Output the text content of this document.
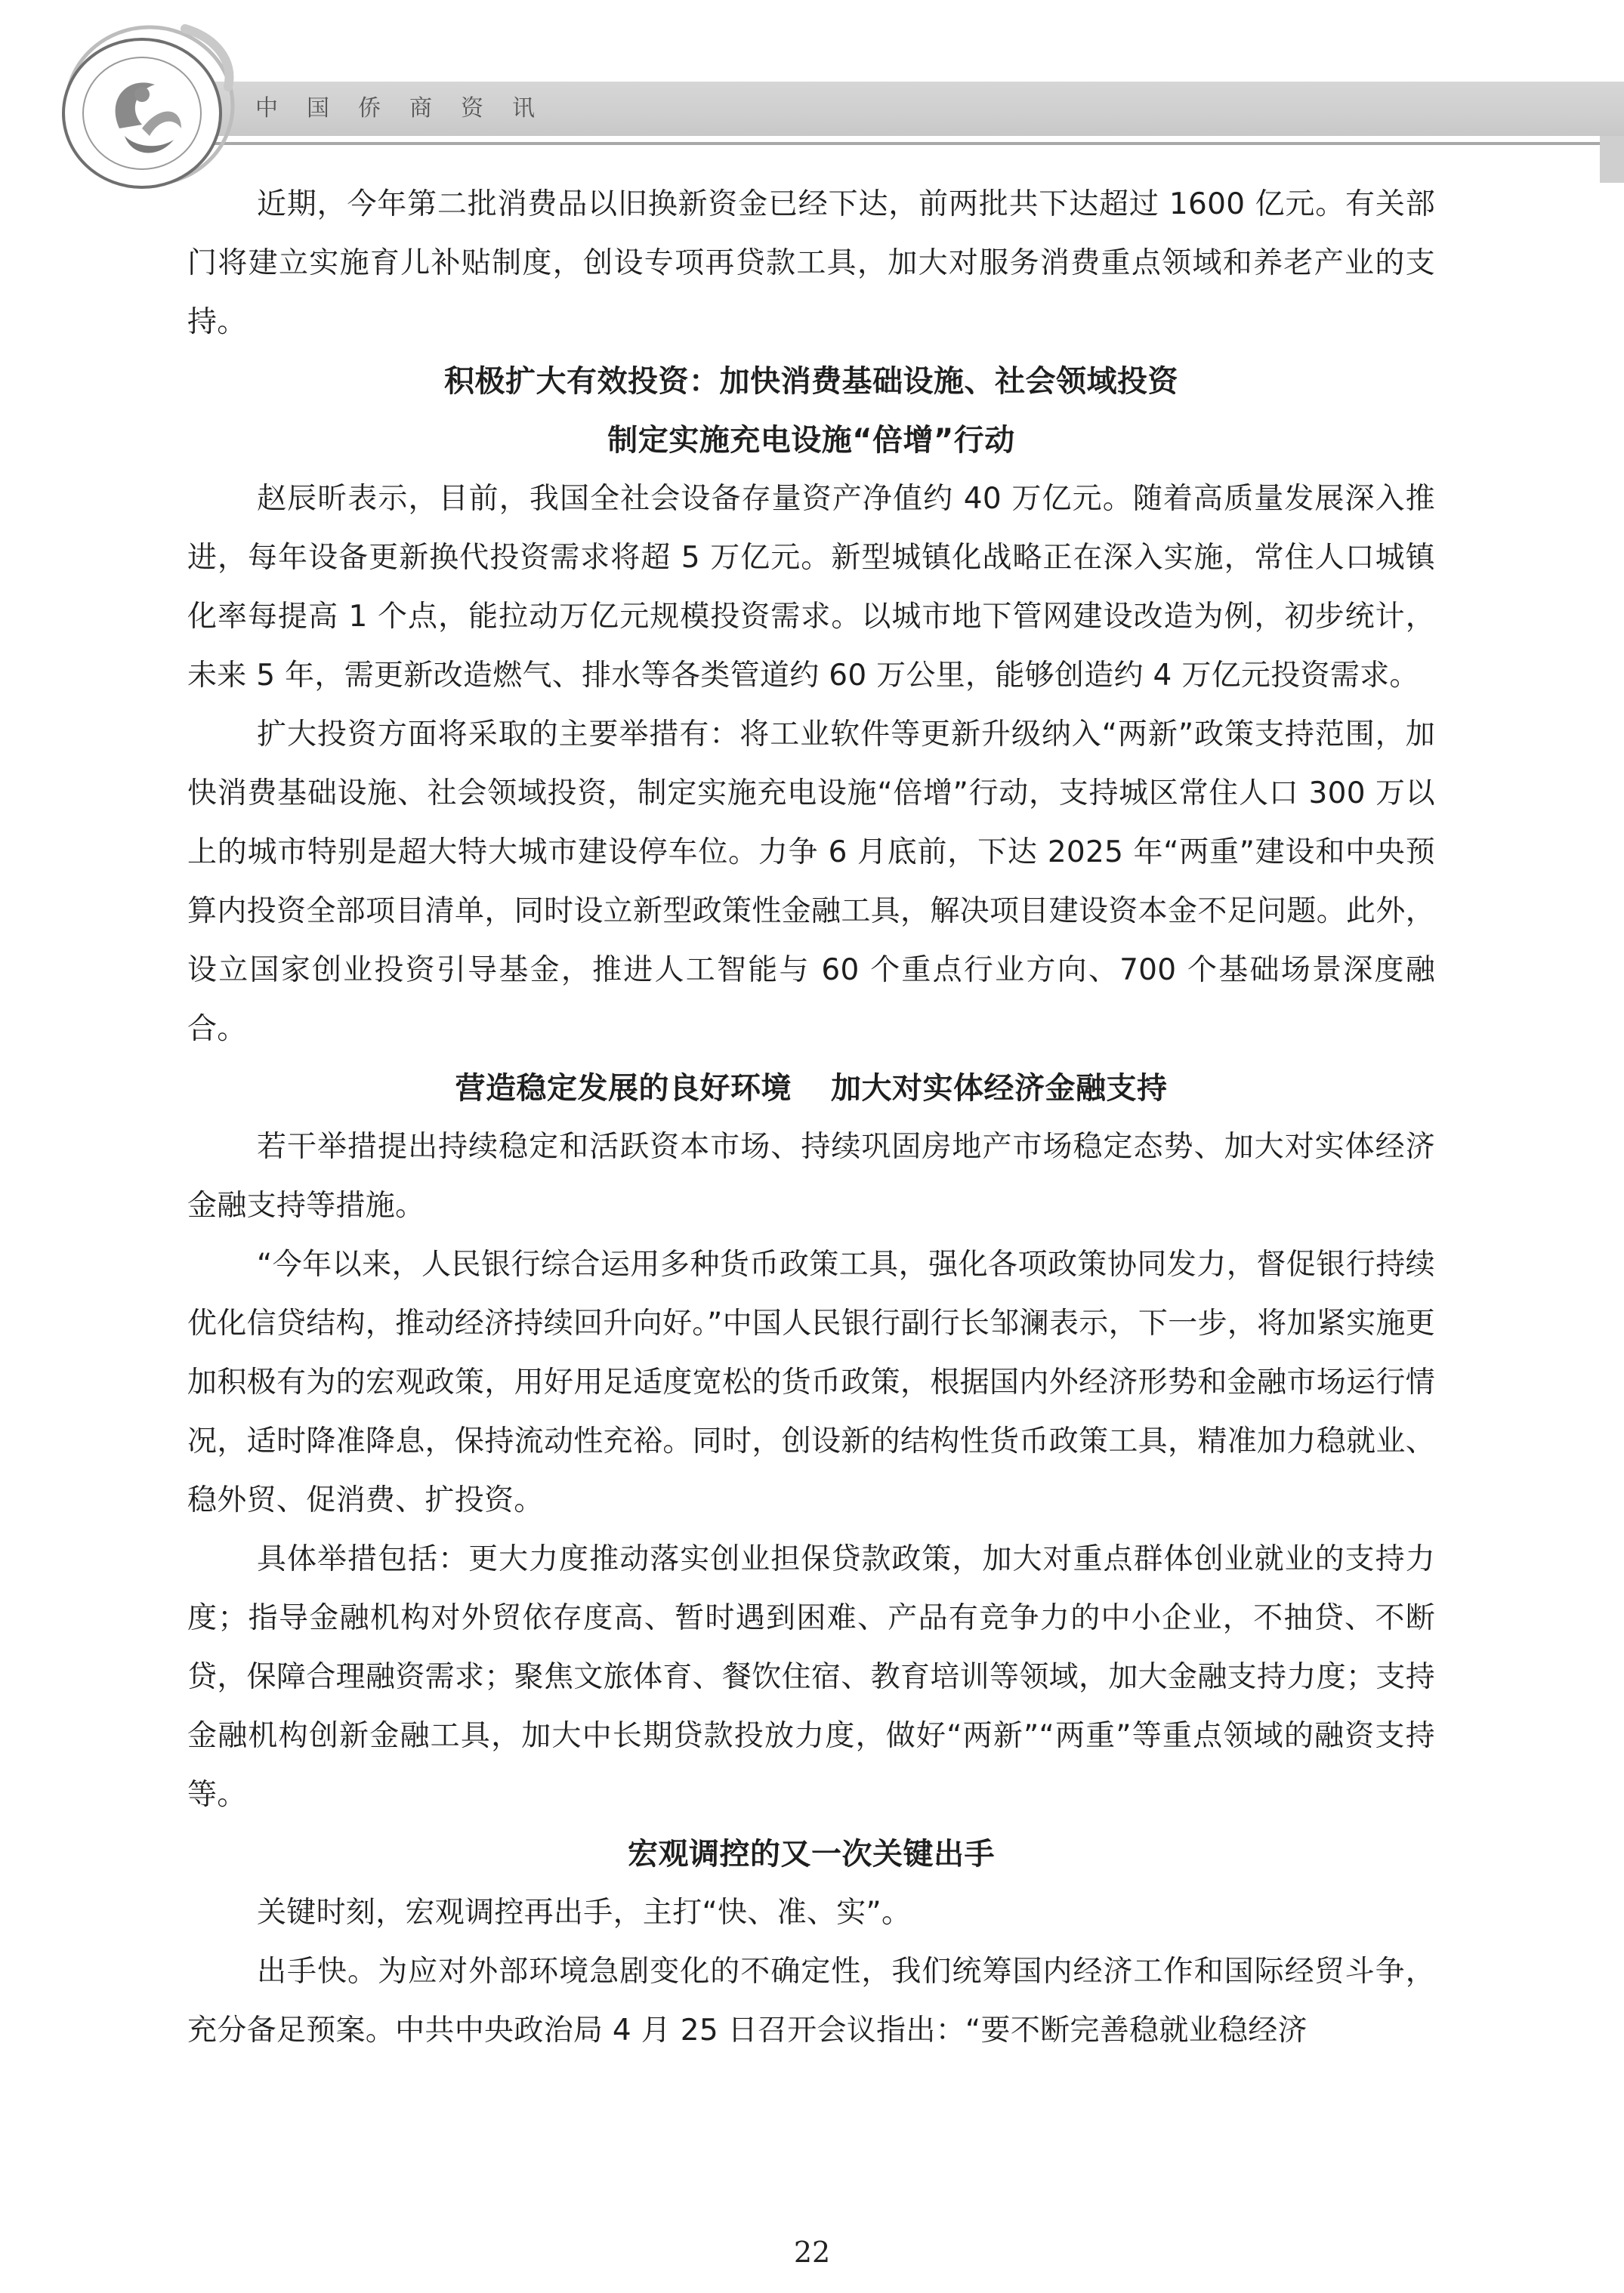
中国侨商资讯

近期，今年第二批消费品以旧换新资金已经下达，前两批共下达超过 1600 亿元。有关部门将建立实施育儿补贴制度，创设专项再贷款工具，加大对服务消费重点领域和养老产业的支持。

积极扩大有效投资：加快消费基础设施、社会领域投资

制定实施充电设施“倍增”行动

赵辰昕表示，目前，我国全社会设备存量资产净值约 40 万亿元。随着高质量发展深入推进，每年设备更新换代投资需求将超 5 万亿元。新型城镇化战略正在深入实施，常住人口城镇化率每提高 1 个点，能拉动万亿元规模投资需求。以城市地下管网建设改造为例，初步统计，未来 5 年，需更新改造燃气、排水等各类管道约 60 万公里，能够创造约 4 万亿元投资需求。

扩大投资方面将采取的主要举措有：将工业软件等更新升级纳入“两新”政策支持范围，加快消费基础设施、社会领域投资，制定实施充电设施“倍增”行动，支持城区常住人口 300 万以上的城市特别是超大特大城市建设停车位。力争 6 月底前，下达 2025 年“两重”建设和中央预算内投资全部项目清单，同时设立新型政策性金融工具，解决项目建设资本金不足问题。此外，设立国家创业投资引导基金，推进人工智能与 60 个重点行业方向、700 个基础场景深度融合。

营造稳定发展的良好环境 加大对实体经济金融支持

若干举措提出持续稳定和活跃资本市场、持续巩固房地产市场稳定态势、加大对实体经济金融支持等措施。

“今年以来，人民银行综合运用多种货币政策工具，强化各项政策协同发力，督促银行持续优化信贷结构，推动经济持续回升向好。”中国人民银行副行长邹澜表示，下一步，将加紧实施更加积极有为的宏观政策，用好用足适度宽松的货币政策，根据国内外经济形势和金融市场运行情况，适时降准降息，保持流动性充裕。同时，创设新的结构性货币政策工具，精准加力稳就业、稳外贸、促消费、扩投资。

具体举措包括：更大力度推动落实创业担保贷款政策，加大对重点群体创业就业的支持力度；指导金融机构对外贸依存度高、暂时遇到困难、产品有竞争力的中小企业，不抽贷、不断贷，保障合理融资需求；聚焦文旅体育、餐饮住宿、教育培训等领域，加大金融支持力度；支持金融机构创新金融工具，加大中长期贷款投放力度，做好“两新”“两重”等重点领域的融资支持等。

宏观调控的又一次关键出手

关键时刻，宏观调控再出手，主打“快、准、实”。

出手快。为应对外部环境急剧变化的不确定性，我们统筹国内经济工作和国际经贸斗争，充分备足预案。中共中央政治局 4 月 25 日召开会议指出：“要不断完善稳就业稳经济

22
